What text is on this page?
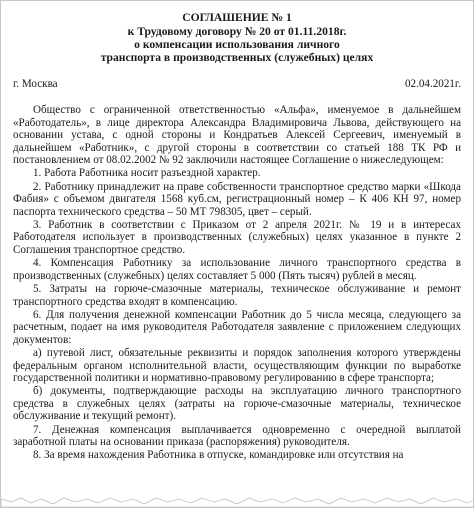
СОГЛАШЕНИЕ № 1
к Трудовому договору № 20 от 01.11.2018г.
о компенсации использования личного
транспорта в производственных (служебных) целях
г. Москва	02.04.2021г.

Общество с ограниченной ответственностью «Альфа», именуемое в дальнейшем «Работодатель», в лице директора Александра Владимировича Львова, действующего на основании устава, с одной стороны и Кондратьев Алексей Сергеевич, именуемый в дальнейшем «Работник», с другой стороны в соответствии со статьей 188 ТК РФ и постановлением от 08.02.2002 № 92 заключили настоящее Соглашение о нижеследующем:

1. Работа Работника носит разъездной характер.

2. Работнику принадлежит на праве собственности транспортное средство марки «Шкода Фабия» с объемом двигателя 1568 куб.см, регистрационный номер – К 406 КН 97, номер паспорта технического средства – 50 МТ 798305, цвет – серый.

3. Работник в соответствии с Приказом от 2 апреля 2021г. № 19 и в интересах Работодателя использует в производственных (служебных) целях указанное в пункте 2 Соглашения транспортное средство.

4. Компенсация Работнику за использование личного транспортного средства в производственных (служебных) целях составляет 5 000 (Пять тысяч) рублей в месяц.

5. Затраты на горюче-смазочные материалы, техническое обслуживание и ремонт транспортного средства входят в компенсацию.

6. Для получения денежной компенсации Работник до 5 числа месяца, следующего за расчетным, подает на имя руководителя Работодателя заявление с приложением следующих документов:

а) путевой лист, обязательные реквизиты и порядок заполнения которого утверждены федеральным органом исполнительной власти, осуществляющим функции по выработке государственной политики и нормативно-правовому регулированию в сфере транспорта;

б) документы, подтверждающие расходы на эксплуатацию личного транспортного средства в служебных целях (затраты на горюче-смазочные материалы, техническое обслуживание и текущий ремонт).

7. Денежная компенсация выплачивается одновременно с очередной выплатой заработной платы на основании приказа (распоряжения) руководителя.

8. За время нахождения Работника в отпуске, командировке или отсутствия на
